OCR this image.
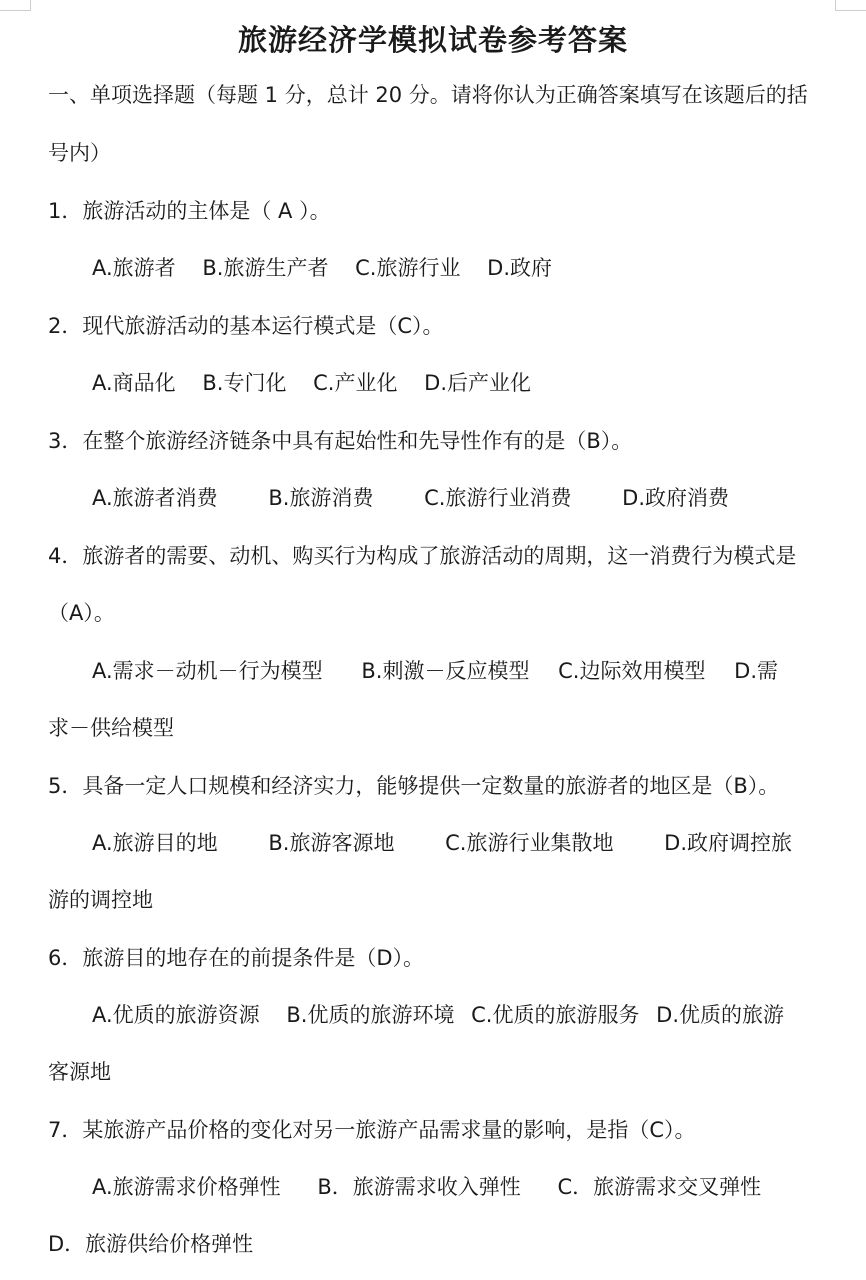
旅游经济学模拟试卷参考答案
一、单项选择题（每题 1 分，总计 20 分。请将你认为正确答案填写在该题后的括
号内）
1．旅游活动的主体是（ A ）。
A.旅游者 B.旅游生产者 C.旅游行业 D.政府
2．现代旅游活动的基本运行模式是（C）。
A.商品化 B.专门化 C.产业化 D.后产业化
3．在整个旅游经济链条中具有起始性和先导性作有的是（B）。
A.旅游者消费 B.旅游消费 C.旅游行业消费 D.政府消费
4．旅游者的需要、动机、购买行为构成了旅游活动的周期，这一消费行为模式是
（A）。
A.需求－动机－行为模型 B.刺激－反应模型 C.边际效用模型 D.需
求－供给模型
5．具备一定人口规模和经济实力，能够提供一定数量的旅游者的地区是（B）。
A.旅游目的地 B.旅游客源地 C.旅游行业集散地 D.政府调控旅
游的调控地
6．旅游目的地存在的前提条件是（D）。
A.优质的旅游资源 B.优质的旅游环境 C.优质的旅游服务 D.优质的旅游
客源地
7．某旅游产品价格的变化对另一旅游产品需求量的影响，是指（C）。
A.旅游需求价格弹性 B．旅游需求收入弹性 C．旅游需求交叉弹性
D．旅游供给价格弹性
